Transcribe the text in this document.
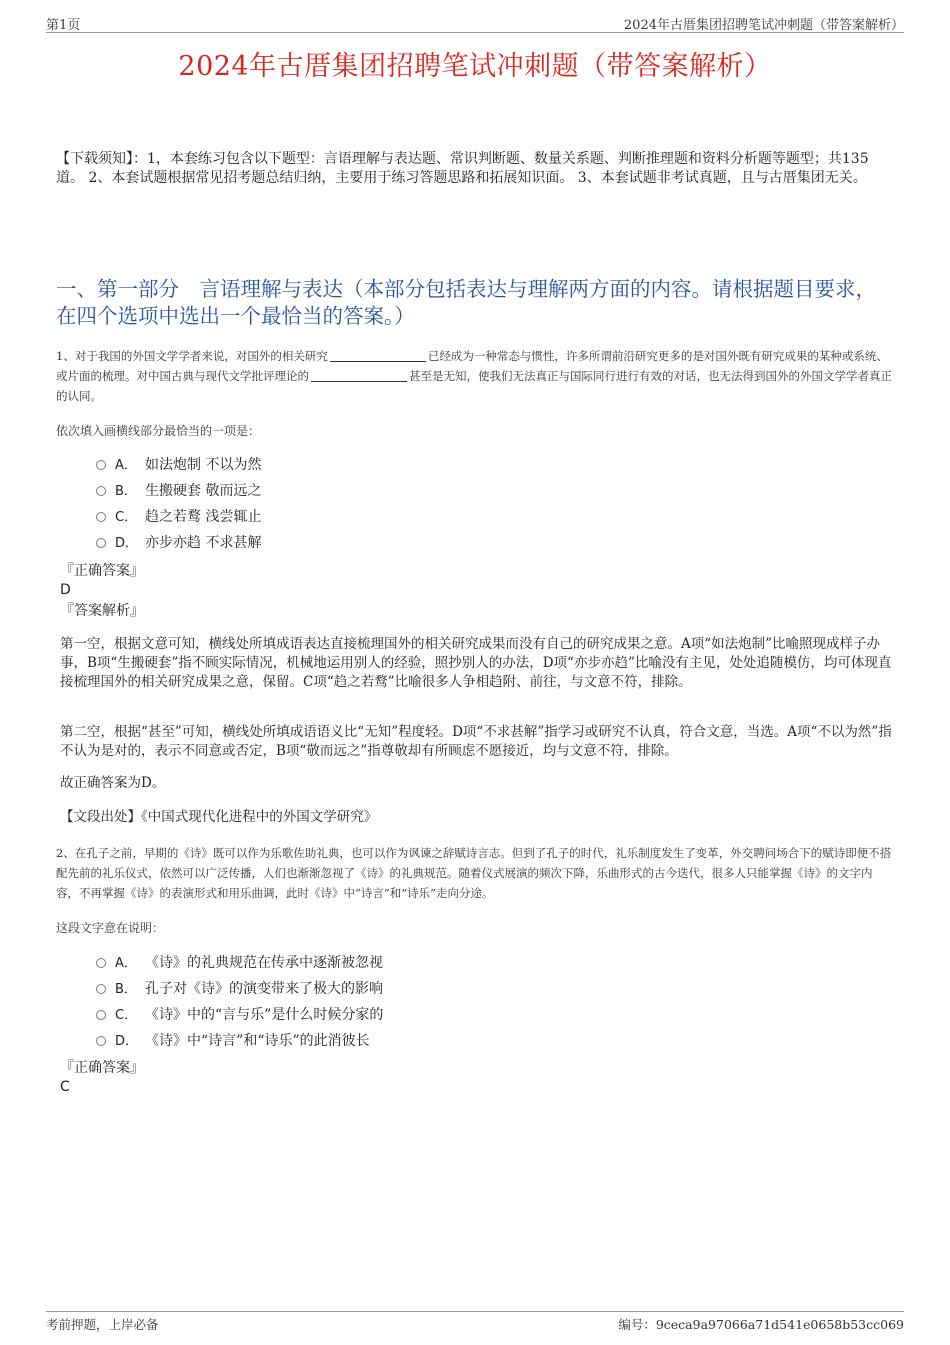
第1页	2024年古厝集团招聘笔试冲刺题（带答案解析）
2024年古厝集团招聘笔试冲刺题（带答案解析）
【下载须知】：1，本套练习包含以下题型：言语理解与表达题、常识判断题、数量关系题、判断推理题和资料分析题等题型；共135道。 2、本套试题根据常见招考题总结归纳，主要用于练习答题思路和拓展知识面。 3、本套试题非考试真题，且与古厝集团无关。
一、第一部分　言语理解与表达（本部分包括表达与理解两方面的内容。请根据题目要求，在四个选项中选出一个最恰当的答案。）
1、对于我国的外国文学学者来说，对国外的相关研究	已经成为一种常态与惯性，许多所谓前沿研究更多的是对国外既有研究成果的某种或系统、或片面的梳理。对中国古典与现代文学批评理论的	甚至是无知，使我们无法真正与国际同行进行有效的对话，也无法得到国外的外国文学学者真正的认同。
依次填入画横线部分最恰当的一项是：
A． 如法炮制 不以为然
B． 生搬硬套 敬而远之
C． 趋之若鹜 浅尝辄止
D． 亦步亦趋 不求甚解
『正确答案』
D
『答案解析』

第一空，根据文意可知，横线处所填成语表达直接梳理国外的相关研究成果而没有自己的研究成果之意。A项“如法炮制”比喻照现成样子办事，B项“生搬硬套”指不顾实际情况，机械地运用别人的经验，照抄别人的办法，D项“亦步亦趋”比喻没有主见，处处追随模仿，均可体现直接梳理国外的相关研究成果之意，保留。C项“趋之若鹜”比喻很多人争相趋附、前往，与文意不符，排除。

第二空，根据“甚至”可知，横线处所填成语语义比“无知”程度轻。D项“不求甚解”指学习或研究不认真，符合文意，当选。A项“不以为然”指不认为是对的，表示不同意或否定，B项“敬而远之”指尊敬却有所顾虑不愿接近，均与文意不符，排除。

故正确答案为D。

【文段出处】《中国式现代化进程中的外国文学研究》

2、在孔子之前，早期的《诗》既可以作为乐歌佐助礼典，也可以作为讽谏之辞赋诗言志。但到了孔子的时代，礼乐制度发生了变革，外交聘问场合下的赋诗即便不搭配先前的礼乐仪式，依然可以广泛传播，人们也渐渐忽视了《诗》的礼典规范。随着仪式展演的频次下降，乐曲形式的古今迭代，很多人只能掌握《诗》的文字内容，不再掌握《诗》的表演形式和用乐曲调，此时《诗》中“诗言”和“诗乐”走向分途。
这段文字意在说明：
A． 《诗》的礼典规范在传承中逐渐被忽视
B． 孔子对《诗》的演变带来了极大的影响
C． 《诗》中的“言与乐”是什么时候分家的
D． 《诗》中“诗言”和“诗乐”的此消彼长
『正确答案』
C
考前押题，上岸必备	编号：9ceca9a97066a71d541e0658b53cc069
